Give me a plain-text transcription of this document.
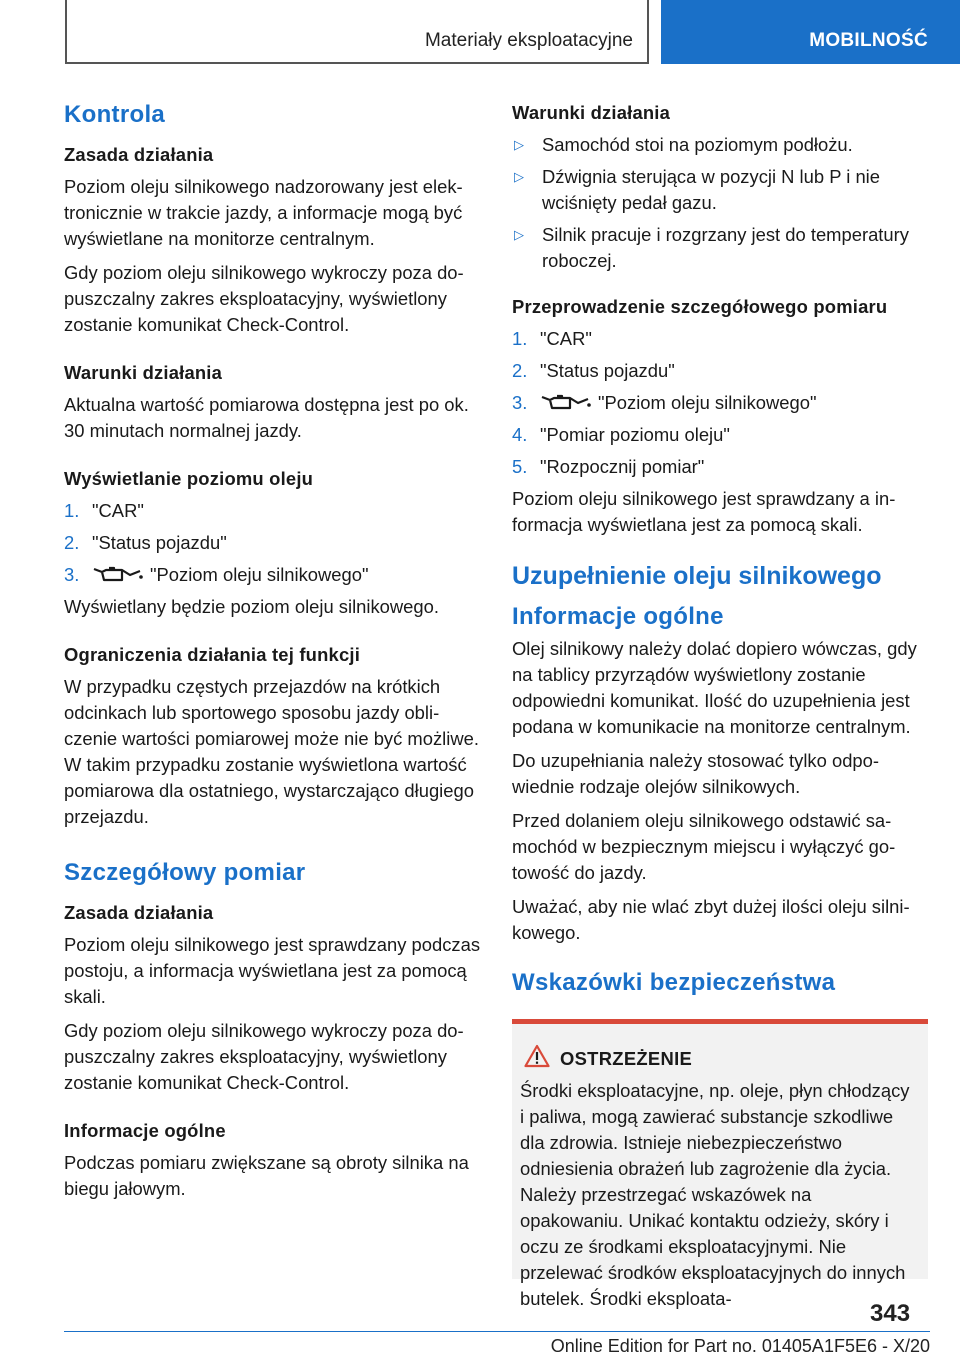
Materiały eksploatacyjne	MOBILNOŚĆ
Kontrola
Zasada działania
Poziom oleju silnikowego nadzorowany jest elektronicznie w trakcie jazdy, a informacje mogą być wyświetlane na monitorze centralnym.
Gdy poziom oleju silnikowego wykroczy poza dopuszczalny zakres eksploatacyjny, wyświetlony zostanie komunikat Check-Control.
Warunki działania
Aktualna wartość pomiarowa dostępna jest po ok. 30 minutach normalnej jazdy.
Wyświetlanie poziomu oleju
1. "CAR"
2. "Status pojazdu"
3.	"Poziom oleju silnikowego"
Wyświetlany będzie poziom oleju silnikowego.
Ograniczenia działania tej funkcji
W przypadku częstych przejazdów na krótkich odcinkach lub sportowego sposobu jazdy obliczenie wartości pomiarowej może nie być możliwe. W takim przypadku zostanie wyświetlona wartość pomiarowa dla ostatniego, wystarczająco długiego przejazdu.
Szczegółowy pomiar
Zasada działania
Poziom oleju silnikowego jest sprawdzany podczas postoju, a informacja wyświetlana jest za pomocą skali.
Gdy poziom oleju silnikowego wykroczy poza dopuszczalny zakres eksploatacyjny, wyświetlony zostanie komunikat Check-Control.
Informacje ogólne
Podczas pomiaru zwiększane są obroty silnika na biegu jałowym.
Warunki działania
▷ Samochód stoi na poziomym podłożu.
▷ Dźwignia sterująca w pozycji N lub P i nie wciśnięty pedał gazu.
▷ Silnik pracuje i rozgrzany jest do temperatury roboczej.
Przeprowadzenie szczegółowego pomiaru
1. "CAR"
2. "Status pojazdu"
3.	"Poziom oleju silnikowego"
4. "Pomiar poziomu oleju"
5. "Rozpocznij pomiar"
Poziom oleju silnikowego jest sprawdzany a informacja wyświetlana jest za pomocą skali.
Uzupełnienie oleju silnikowego
Informacje ogólne
Olej silnikowy należy dolać dopiero wówczas, gdy na tablicy przyrządów wyświetlony zostanie odpowiedni komunikat. Ilość do uzupełnienia jest podana w komunikacie na monitorze centralnym.
Do uzupełniania należy stosować tylko odpowiednie rodzaje olejów silnikowych.
Przed dolaniem oleju silnikowego odstawić samochód w bezpiecznym miejscu i wyłączyć gotowość do jazdy.
Uważać, aby nie wlać zbyt dużej ilości oleju silnikowego.
Wskazówki bezpieczeństwa
OSTRZEŻENIE
Środki eksploatacyjne, np. oleje, płyn chłodzący i paliwa, mogą zawierać substancje szkodliwe dla zdrowia. Istnieje niebezpieczeństwo odniesienia obrażeń lub zagrożenie dla życia. Należy przestrzegać wskazówek na opakowaniu. Unikać kontaktu odzieży, skóry i oczu ze środkami eksploatacyjnymi. Nie przelewać środków eksploatacyjnych do innych butelek. Środki eksploata-
343
Online Edition for Part no. 01405A1F5E6 - X/20
